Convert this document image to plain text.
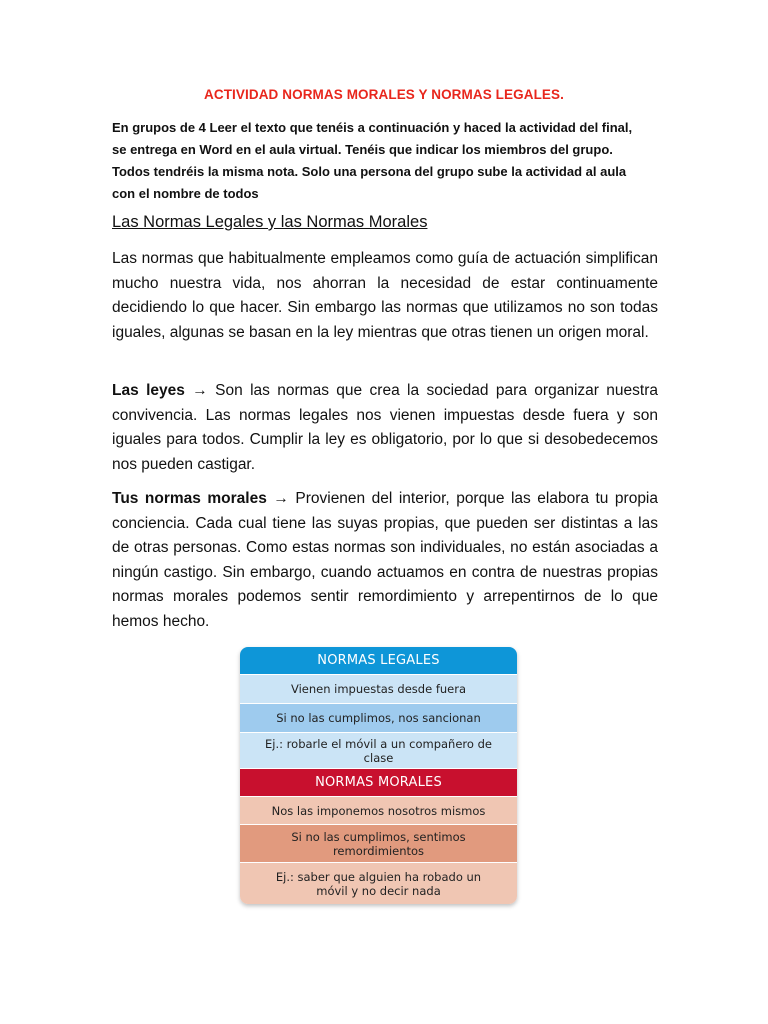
ACTIVIDAD NORMAS MORALES Y NORMAS LEGALES.

En grupos de 4 Leer el texto que tenéis a continuación y haced la actividad del final,

se entrega en Word en el aula virtual. Tenéis que indicar los miembros del grupo.

Todos tendréis la misma nota. Solo una persona del grupo sube la actividad al aula

con el nombre de todos

Las Normas Legales y las Normas Morales

Las normas que habitualmente empleamos como guía de actuación simplifican mucho nuestra vida, nos ahorran la necesidad de estar continuamente decidiendo lo que hacer. Sin embargo las normas que utilizamos no son todas iguales, algunas se basan en la ley mientras que otras tienen un origen moral.

Las leyes → Son las normas que crea la sociedad para organizar nuestra convivencia. Las normas legales nos vienen impuestas desde fuera y son iguales para todos. Cumplir la ley es obligatorio, por lo que si desobedecemos nos pueden castigar.

Tus normas morales → Provienen del interior, porque las elabora tu propia conciencia. Cada cual tiene las suyas propias, que pueden ser distintas a las de otras personas. Como estas normas son individuales, no están asociadas a ningún castigo. Sin embargo, cuando actuamos en contra de nuestras propias normas morales podemos sentir remordimiento y arrepentirnos de lo que hemos hecho.

NORMAS LEGALES
Vienen impuestas desde fuera
Si no las cumplimos, nos sancionan
Ej.: robarle el móvil a un compañero de clase
NORMAS MORALES
Nos las imponemos nosotros mismos
Si no las cumplimos, sentimos remordimientos
Ej.: saber que alguien ha robado un móvil y no decir nada
